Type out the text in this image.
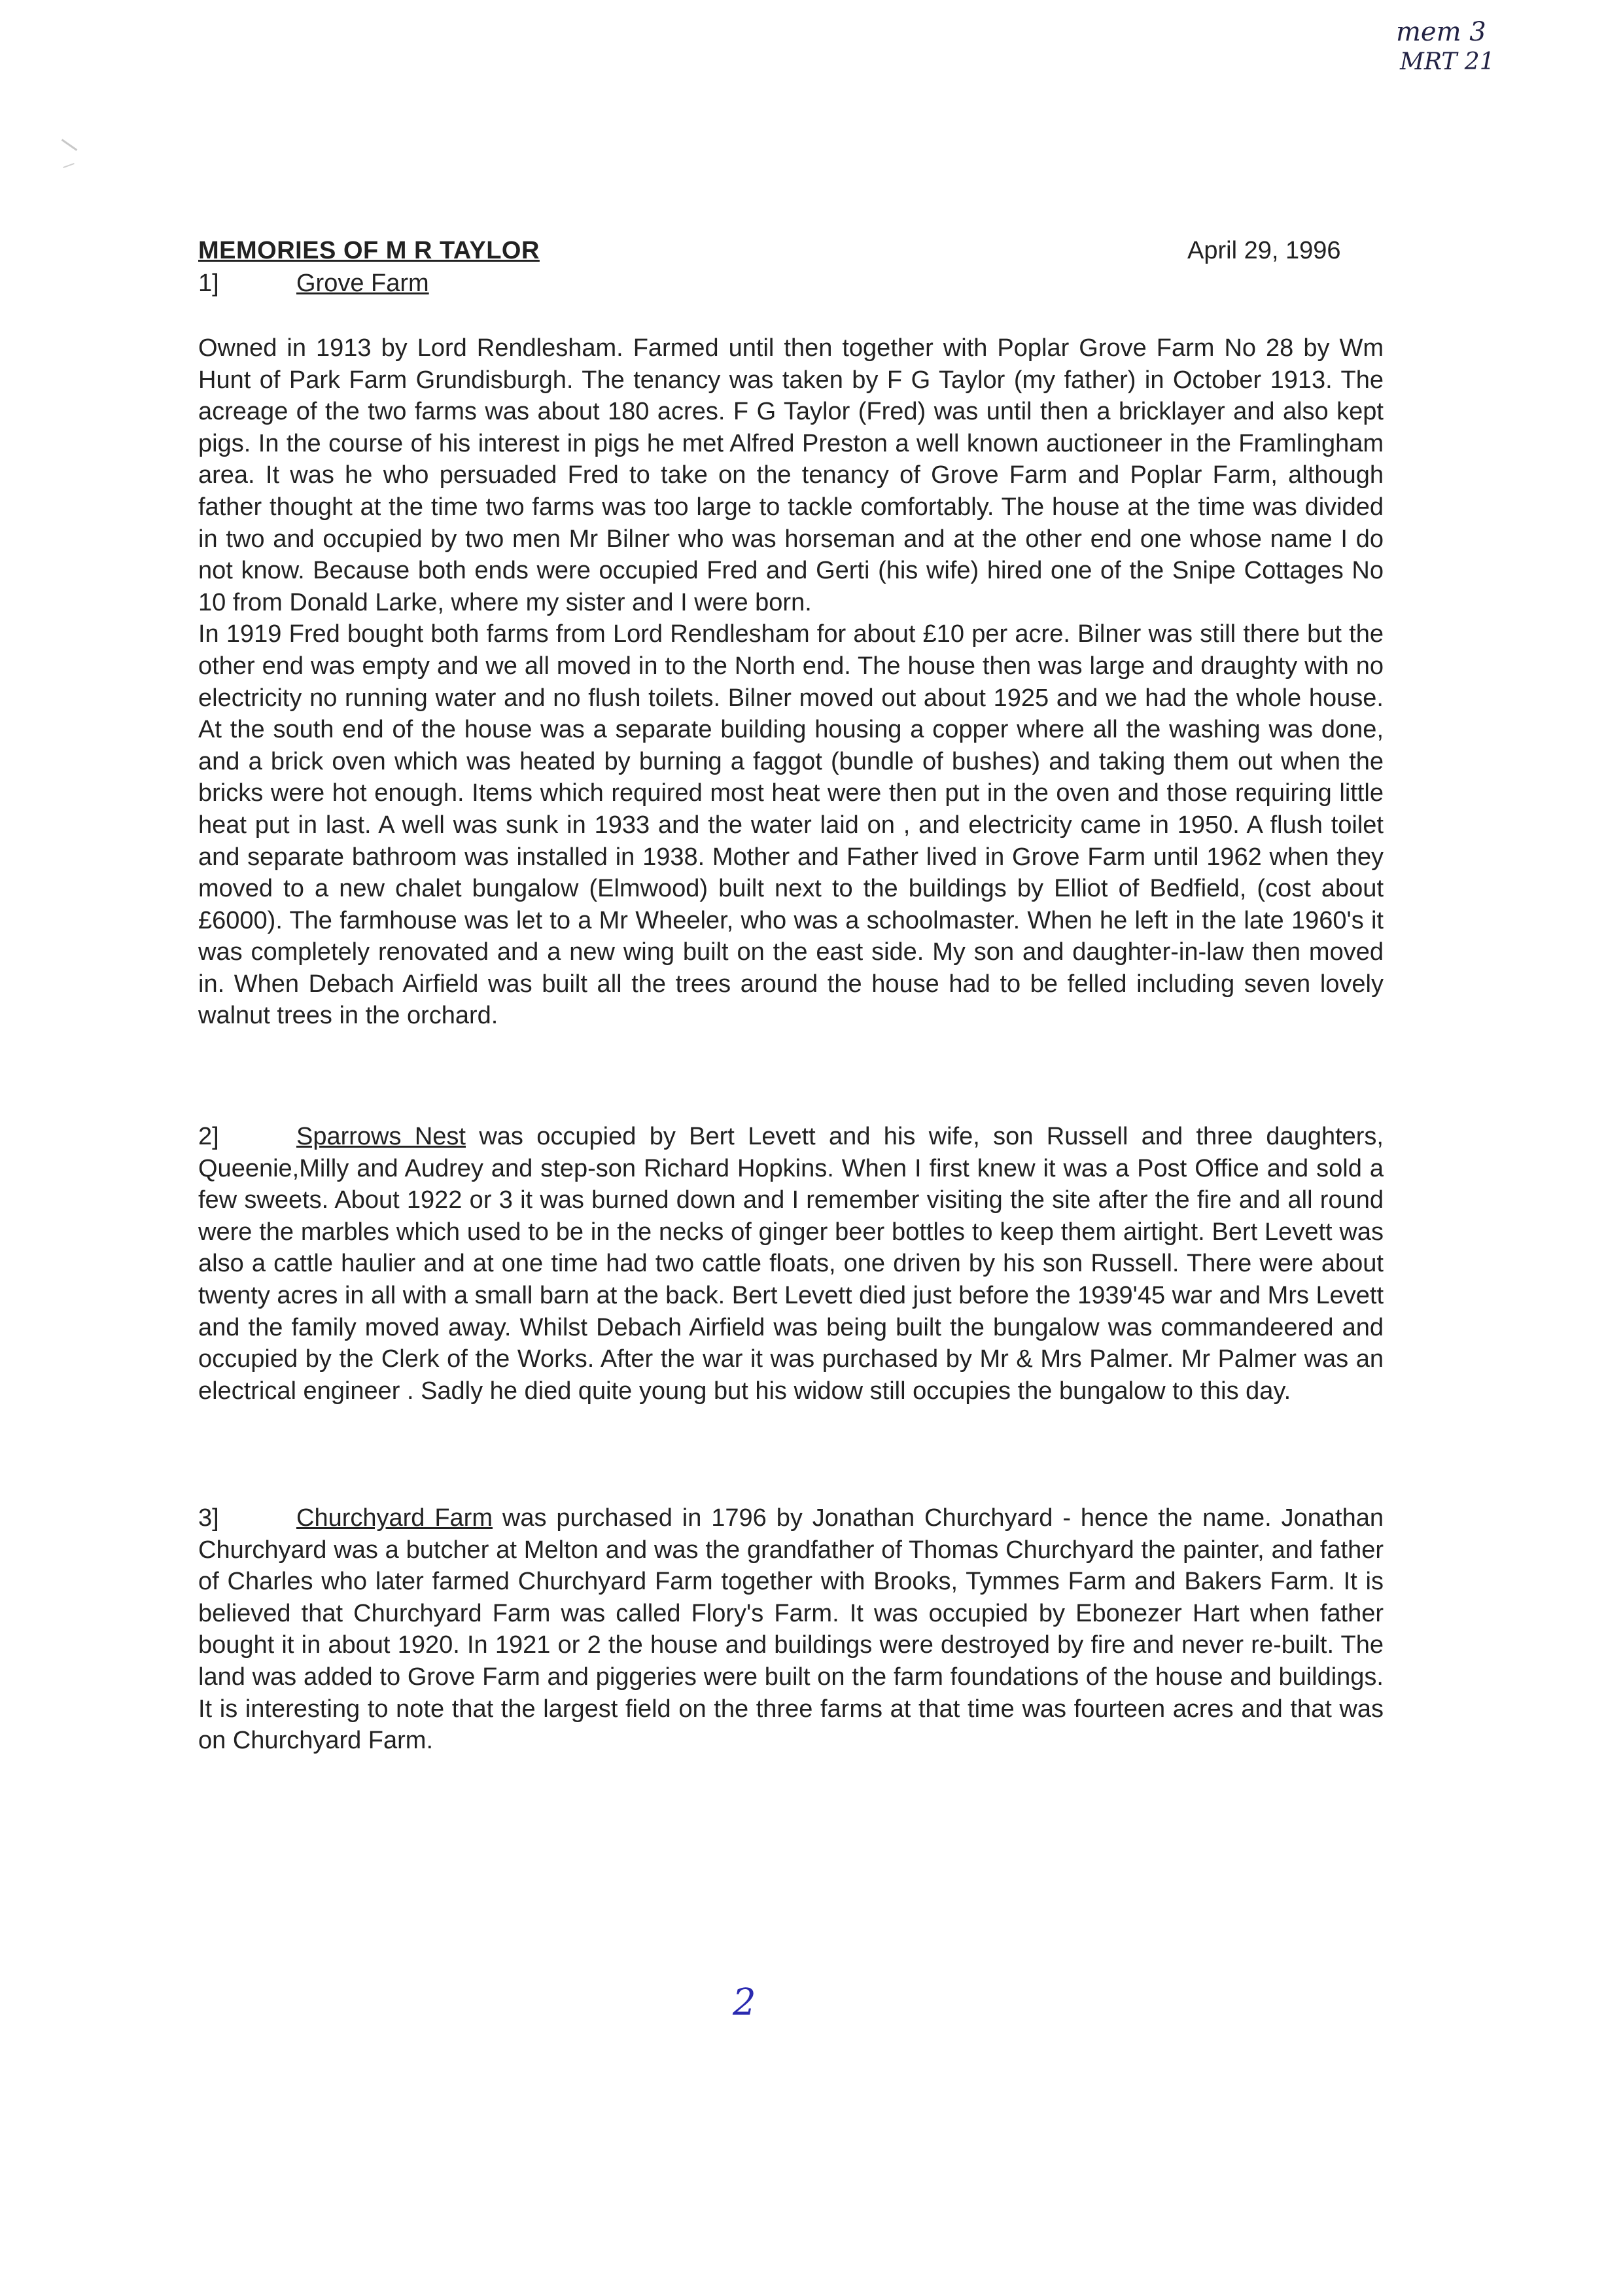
mem 3
MRT 21
MEMORIES OF M R TAYLOR	April 29, 1996
1]	Grove Farm

Owned in 1913 by Lord Rendlesham. Farmed until then together with Poplar Grove Farm No 28 by Wm Hunt of Park Farm Grundisburgh. The tenancy was taken by F G Taylor (my father) in October 1913. The acreage of the two farms was about 180 acres. F G Taylor (Fred) was until then a bricklayer and also kept pigs. In the course of his interest in pigs he met Alfred Preston a well known auctioneer in the Framlingham area. It was he who persuaded Fred to take on the tenancy of Grove Farm and Poplar Farm, although father thought at the time two farms was too large to tackle comfortably. The house at the time was divided in two and occupied by two men Mr Bilner who was horseman and at the other end one whose name I do not know. Because both ends were occupied Fred and Gerti (his wife) hired one of the Snipe Cottages No 10 from Donald Larke, where my sister and I were born.

In 1919 Fred bought both farms from Lord Rendlesham for about £10 per acre. Bilner was still there but the other end was empty and we all moved in to the North end. The house then was large and draughty with no electricity no running water and no flush toilets. Bilner moved out about 1925 and we had the whole house. At the south end of the house was a separate building housing a copper where all the washing was done, and a brick oven which was heated by burning a faggot (bundle of bushes) and taking them out when the bricks were hot enough. Items which required most heat were then put in the oven and those requiring little heat put in last. A well was sunk in 1933 and the water laid on , and electricity came in 1950. A flush toilet and separate bathroom was installed in 1938. Mother and Father lived in Grove Farm until 1962 when they moved to a new chalet bungalow (Elmwood) built next to the buildings by Elliot of Bedfield, (cost about £6000). The farmhouse was let to a Mr Wheeler, who was a schoolmaster. When he left in the late 1960's it was completely renovated and a new wing built on the east side. My son and daughter-in-law then moved in. When Debach Airfield was built all the trees around the house had to be felled including seven lovely walnut trees in the orchard.

2]	Sparrows Nest was occupied by Bert Levett and his wife, son Russell and three daughters, Queenie,Milly and Audrey and step-son Richard Hopkins. When I first knew it was a Post Office and sold a few sweets. About 1922 or 3 it was burned down and I remember visiting the site after the fire and all round were the marbles which used to be in the necks of ginger beer bottles to keep them airtight. Bert Levett was also a cattle haulier and at one time had two cattle floats, one driven by his son Russell. There were about twenty acres in all with a small barn at the back. Bert Levett died just before the 1939'45 war and Mrs Levett and the family moved away. Whilst Debach Airfield was being built the bungalow was commandeered and occupied by the Clerk of the Works. After the war it was purchased by Mr & Mrs Palmer. Mr Palmer was an electrical engineer . Sadly he died quite young but his widow still occupies the bungalow to this day.

3]	Churchyard Farm was purchased in 1796 by Jonathan Churchyard - hence the name. Jonathan Churchyard was a butcher at Melton and was the grandfather of Thomas Churchyard the painter, and father of Charles who later farmed Churchyard Farm together with Brooks, Tymmes Farm and Bakers Farm. It is believed that Churchyard Farm was called Flory's Farm. It was occupied by Ebonezer Hart when father bought it in about 1920. In 1921 or 2 the house and buildings were destroyed by fire and never re-built. The land was added to Grove Farm and piggeries were built on the farm foundations of the house and buildings. It is interesting to note that the largest field on the three farms at that time was fourteen acres and that was on Churchyard Farm.

2
